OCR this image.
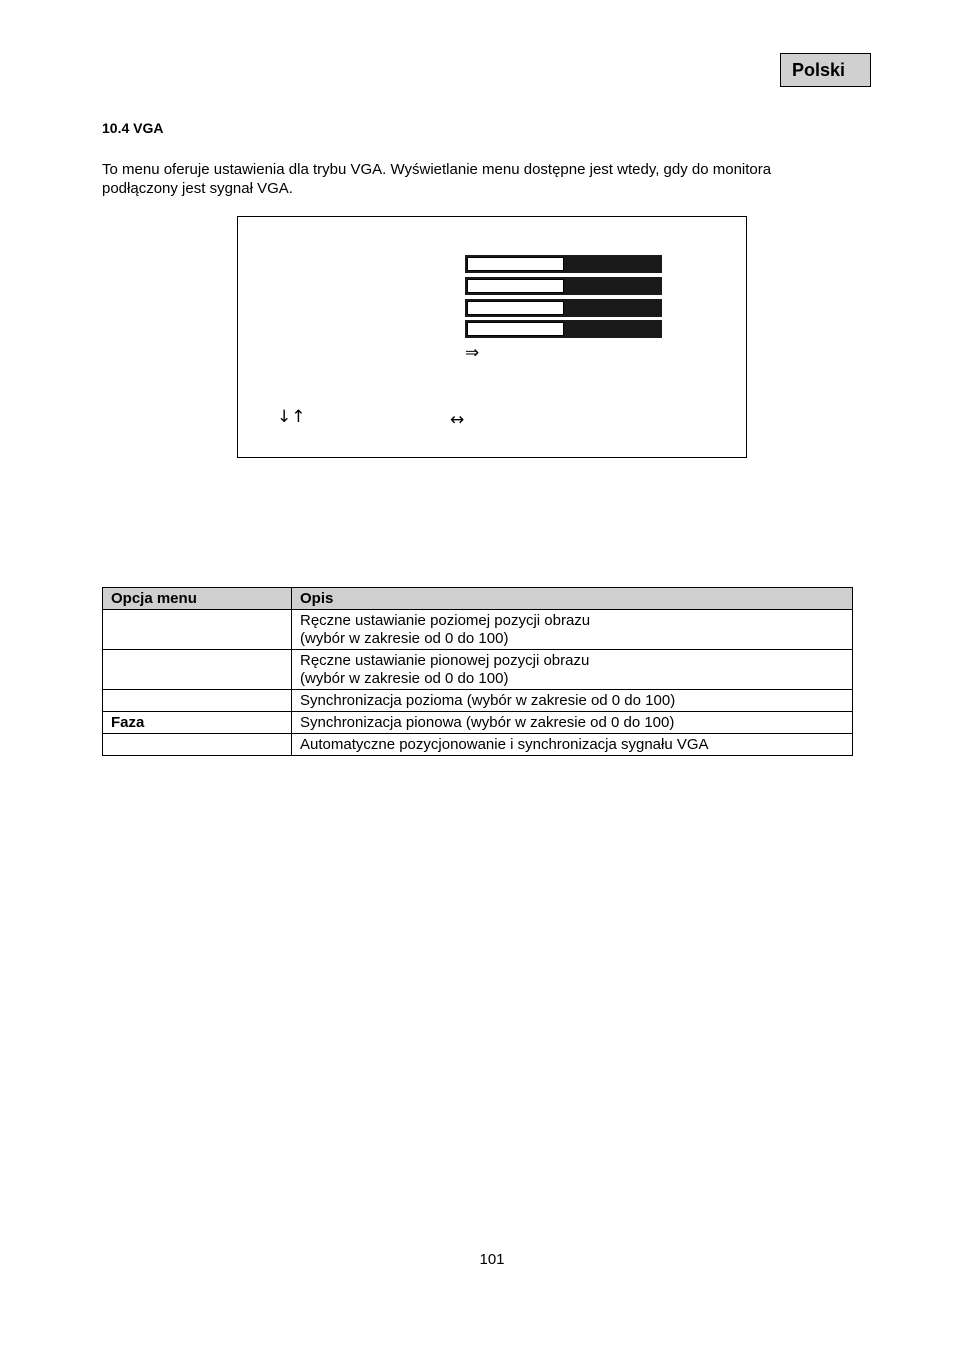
Polski
10.4 VGA
To menu oferuje ustawienia dla trybu VGA. Wyświetlanie menu dostępne jest wtedy, gdy do monitora podłączony jest sygnał VGA.
⇒
↓↑	↔
Opcja menu	Opis

	Ręczne ustawianie poziomej pozycji obrazu
(wybór w zakresie od 0 do 100)

	Ręczne ustawianie pionowej pozycji obrazu
(wybór w zakresie od 0 do 100)

	Synchronizacja pozioma (wybór w zakresie od 0 do 100)

Faza	Synchronizacja pionowa (wybór w zakresie od 0 do 100)

	Automatyczne pozycjonowanie i synchronizacja sygnału VGA
101
